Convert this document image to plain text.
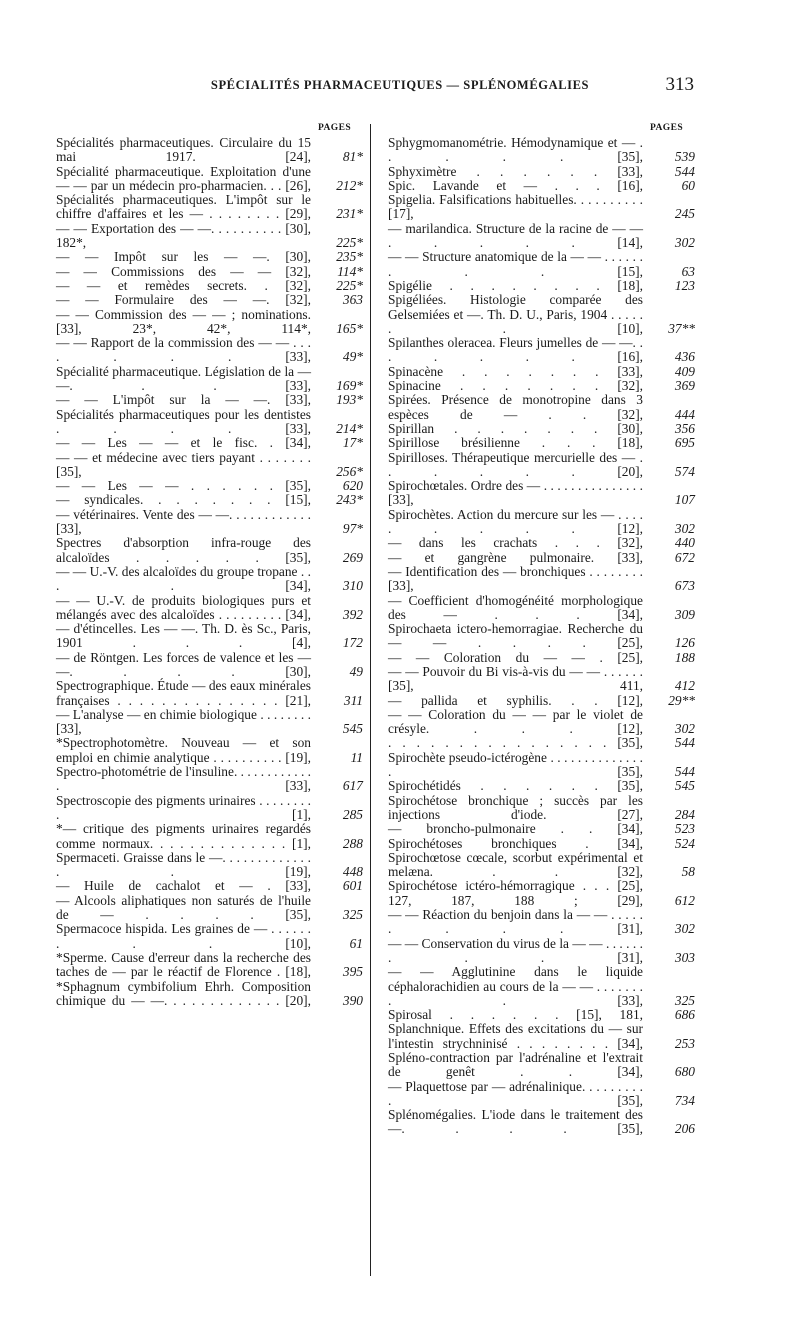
SPÉCIALITÉS PHARMACEUTIQUES — SPLÉNOMÉGALIES	313
PAGES
Spécialités pharmaceutiques. Circulaire du 15 mai 1917. [24],	81*
Spécialité pharmaceutique. Exploitation d'une — — par un médecin pro-pharmacien. . . [26],	212*
Spécialités pharmaceutiques. L'impôt sur le chiffre d'affaires et les — . . . . . . . . [29],	231*
— — Exportation des — —. . . . . . . . . . [30], 182*,	225*
— — Impôt sur les — —. [30],	235*
— — Commissions des — — [32],	114*
— — et remèdes secrets. . [32],	225*
— — Formulaire des — —. [32],	363
— — Commission des — — ; nominations. [33], 23*, 42*, 114*,	165*
— — Rapport de la commission des — — . . . . . . . [33],	49*
Spécialité pharmaceutique. Législation de la — —. . . [33],	169*
— — L'impôt sur la — —. [33],	193*
Spécialités pharmaceutiques pour les dentistes . . . . [33],	214*
— — Les — — et le fisc. . [34],	17*
— — et médecine avec tiers payant . . . . . . . [35],	256*
— — Les — — . . . . . . [35],	620
— syndicales. . . . . . . . [15],	243*
— vétérinaires. Vente des — —. . . . . . . . . . . . [33],	97*
Spectres d'absorption infra-rouge des alcaloïdes . . . . . [35],	269
— — U.-V. des alcaloïdes du groupe tropane . . . . [34],	310
— — U.-V. de produits biologiques purs et mélangés avec des alcaloïdes . . . . . . . . . [34],	392
— d'étincelles. Les — —. Th. D. ès Sc., Paris, 1901 . . . [4],	172
— de Röntgen. Les forces de valence et les — —. . . . [30],	49
Spectrographique. Étude — des eaux minérales françaises . . . . . . . . . . . . . . . [21],	311
— L'analyse — en chimie biologique . . . . . . . . [33],	545
*Spectrophotomètre. Nouveau — et son emploi en chimie analytique . . . . . . . . . . [19],	11
Spectro-photométrie de l'insuline. . . . . . . . . . . . . [33],	617
Spectroscopie des pigments urinaires . . . . . . . . . [1],	285
*— critique des pigments urinaires regardés comme normaux. . . . . . . . . . . . . . [1],	288
Spermaceti. Graisse dans le —. . . . . . . . . . . . . . . [19],	448
— Huile de cachalot et — . [33],	601
— Alcools aliphatiques non saturés de l'huile de — . . . . [35],	325
Spermacoce hispida. Les graines de — . . . . . . . . . [10],	61
*Sperme. Cause d'erreur dans la recherche des taches de — par le réactif de Florence . [18],	395
*Sphagnum cymbifolium Ehrh. Composition chimique du — —. . . . . . . . . . . . . [20],	390
PAGES
Sphygmomanométrie. Hémodynamique et — . . . . . [35],	539
Sphyximètre . . . . . . [33],	544
Spic. Lavande et — . . . [16],	60
Spigelia. Falsifications habituelles. . . . . . . . . . [17],	245
— marilandica. Structure de la racine de — — . . . . . [14],	302
— — Structure anatomique de la — — . . . . . . . . . [15],	63
Spigélie . . . . . . . . [18],	123
Spigéliées. Histologie comparée des Gelsemiées et —. Th. D. U., Paris, 1904 . . . . . . . [10],	37**
Spilanthes oleracea. Fleurs jumelles de — —. . . . . . . [16],	436
Spinacène . . . . . . . [33],	409
Spinacine . . . . . . . [32],	369
Spirées. Présence de monotropine dans 3 espèces de — . . [32],	444
Spirillan . . . . . . . [30],	356
Spirillose brésilienne . . . [18],	695
Spirilloses. Thérapeutique mercurielle des — . . . . . . [20],	574
Spirochœtales. Ordre des — . . . . . . . . . . . . . . . [33],	107
Spirochètes. Action du mercure sur les — . . . . . . . . . [12],	302
— dans les crachats . . . [32],	440
— et gangrène pulmonaire. [33],	672
— Identification des — bronchiques . . . . . . . . [33],	673
— Coefficient d'homogénéité morphologique des — . . . [34],	309
Spirochaeta ictero-hemorragiae. Recherche du — — . . . . [25],	126
— — Coloration du — — . [25],	188
— — Pouvoir du Bi vis-à-vis du — — . . . . . . [35], 411,	412
— pallida et syphilis. . . [12],	29**
— — Coloration du — — par le violet de crésyle. . . . [12],	302
. . . . . . . . . . . . . . . . [35],	544
Spirochète pseudo-ictérogène . . . . . . . . . . . . . . . [35],	544
Spirochétidés . . . . . . [35],	545
Spirochétose bronchique ; succès par les injections d'iode. [27],	284
— broncho-pulmonaire . . [34],	523
Spirochétoses bronchiques . [34],	524
Spirochœtose cœcale, scorbut expérimental et melæna. . . [32],	58
Spirochétose ictéro-hémorragique . . . [25], 127, 187, 188 ; [29],	612
— — Réaction du benjoin dans la — — . . . . . . . . . [31],	302
— — Conservation du virus de la — — . . . . . . . . . [31],	303
— — Agglutinine dans le liquide céphalorachidien au cours de la — — . . . . . . . . . [33],	325
Spirosal . . . . . . [15], 181,	686
Splanchnique. Effets des excitations du — sur l'intestin strychninisé . . . . . . . . [34],	253
Spléno-contraction par l'adrénaline et l'extrait de genêt . . [34],	680
— Plaquettose par — adrénalinique. . . . . . . . . . [35],	734
Splénomégalies. L'iode dans le traitement des —. . . . [35],	206
